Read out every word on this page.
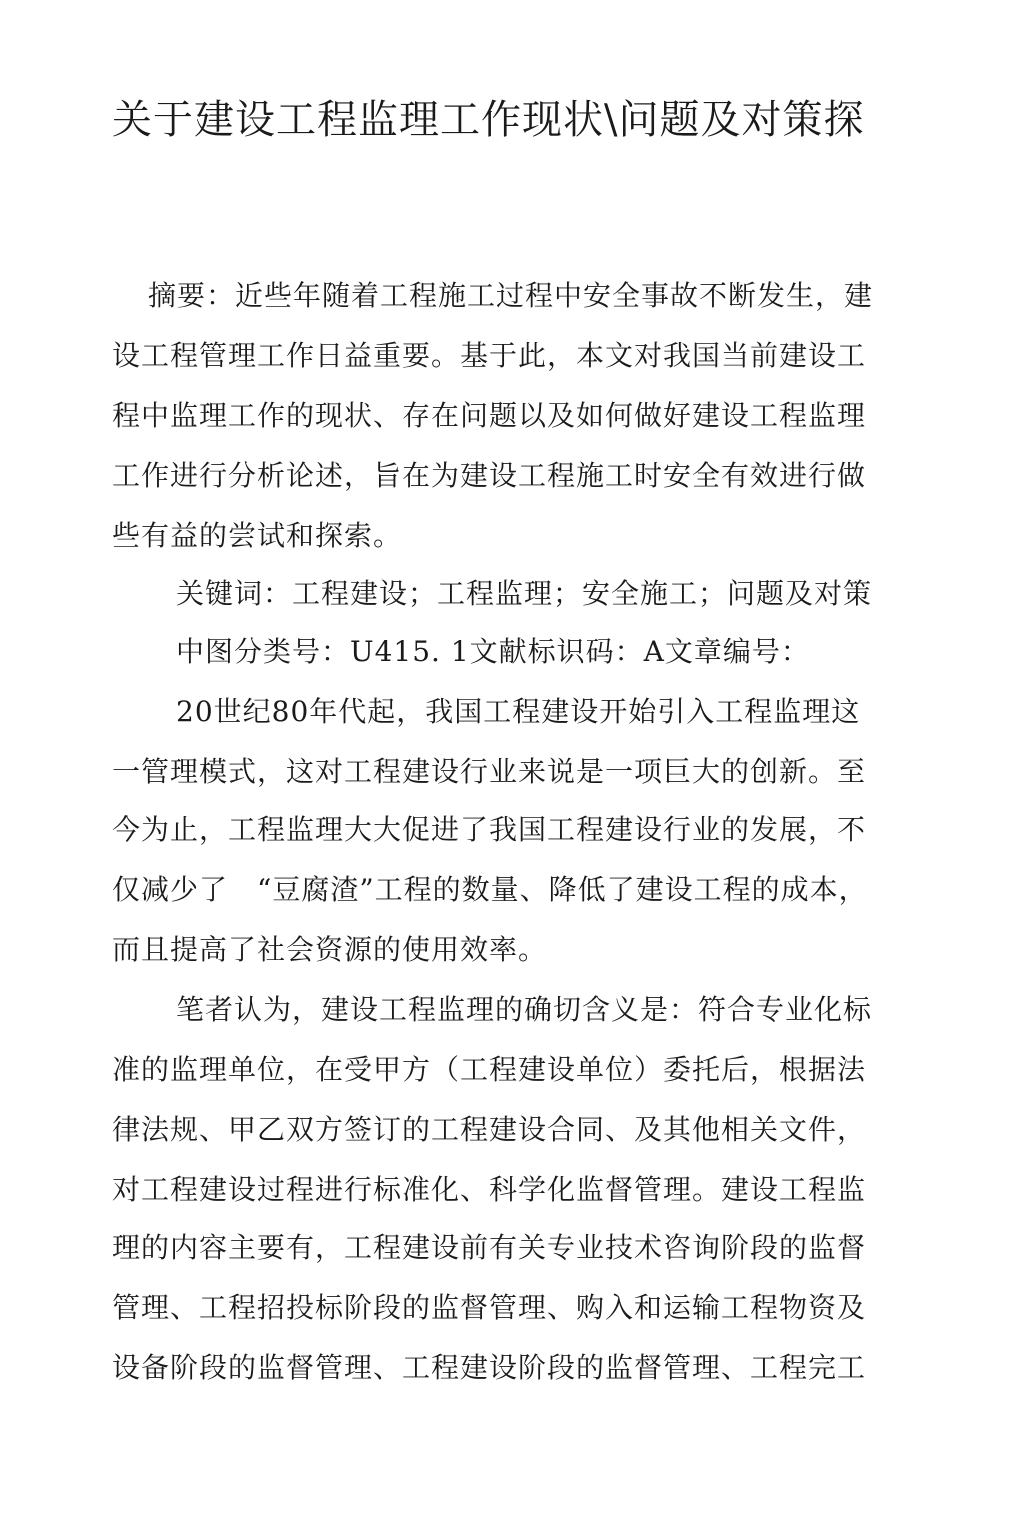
关于建设工程监理工作现状\问题及对策探

摘要：近些年随着工程施工过程中安全事故不断发生，建

设工程管理工作日益重要。基于此，本文对我国当前建设工

程中监理工作的现状、存在问题以及如何做好建设工程监理

工作进行分析论述，旨在为建设工程施工时安全有效进行做

些有益的尝试和探索。

关键词：工程建设；工程监理；安全施工；问题及对策

中图分类号：U415. 1文献标识码：A文章编号：

20世纪80年代起，我国工程建设开始引入工程监理这

一管理模式，这对工程建设行业来说是一项巨大的创新。至

今为止，工程监理大大促进了我国工程建设行业的发展，不

仅减少了　“豆腐渣”工程的数量、降低了建设工程的成本，

而且提高了社会资源的使用效率。

笔者认为，建设工程监理的确切含义是：符合专业化标

准的监理单位，在受甲方（工程建设单位）委托后，根据法

律法规、甲乙双方签订的工程建设合同、及其他相关文件，

对工程建设过程进行标准化、科学化监督管理。建设工程监

理的内容主要有，工程建设前有关专业技术咨询阶段的监督

管理、工程招投标阶段的监督管理、购入和运输工程物资及

设备阶段的监督管理、工程建设阶段的监督管理、工程完工
